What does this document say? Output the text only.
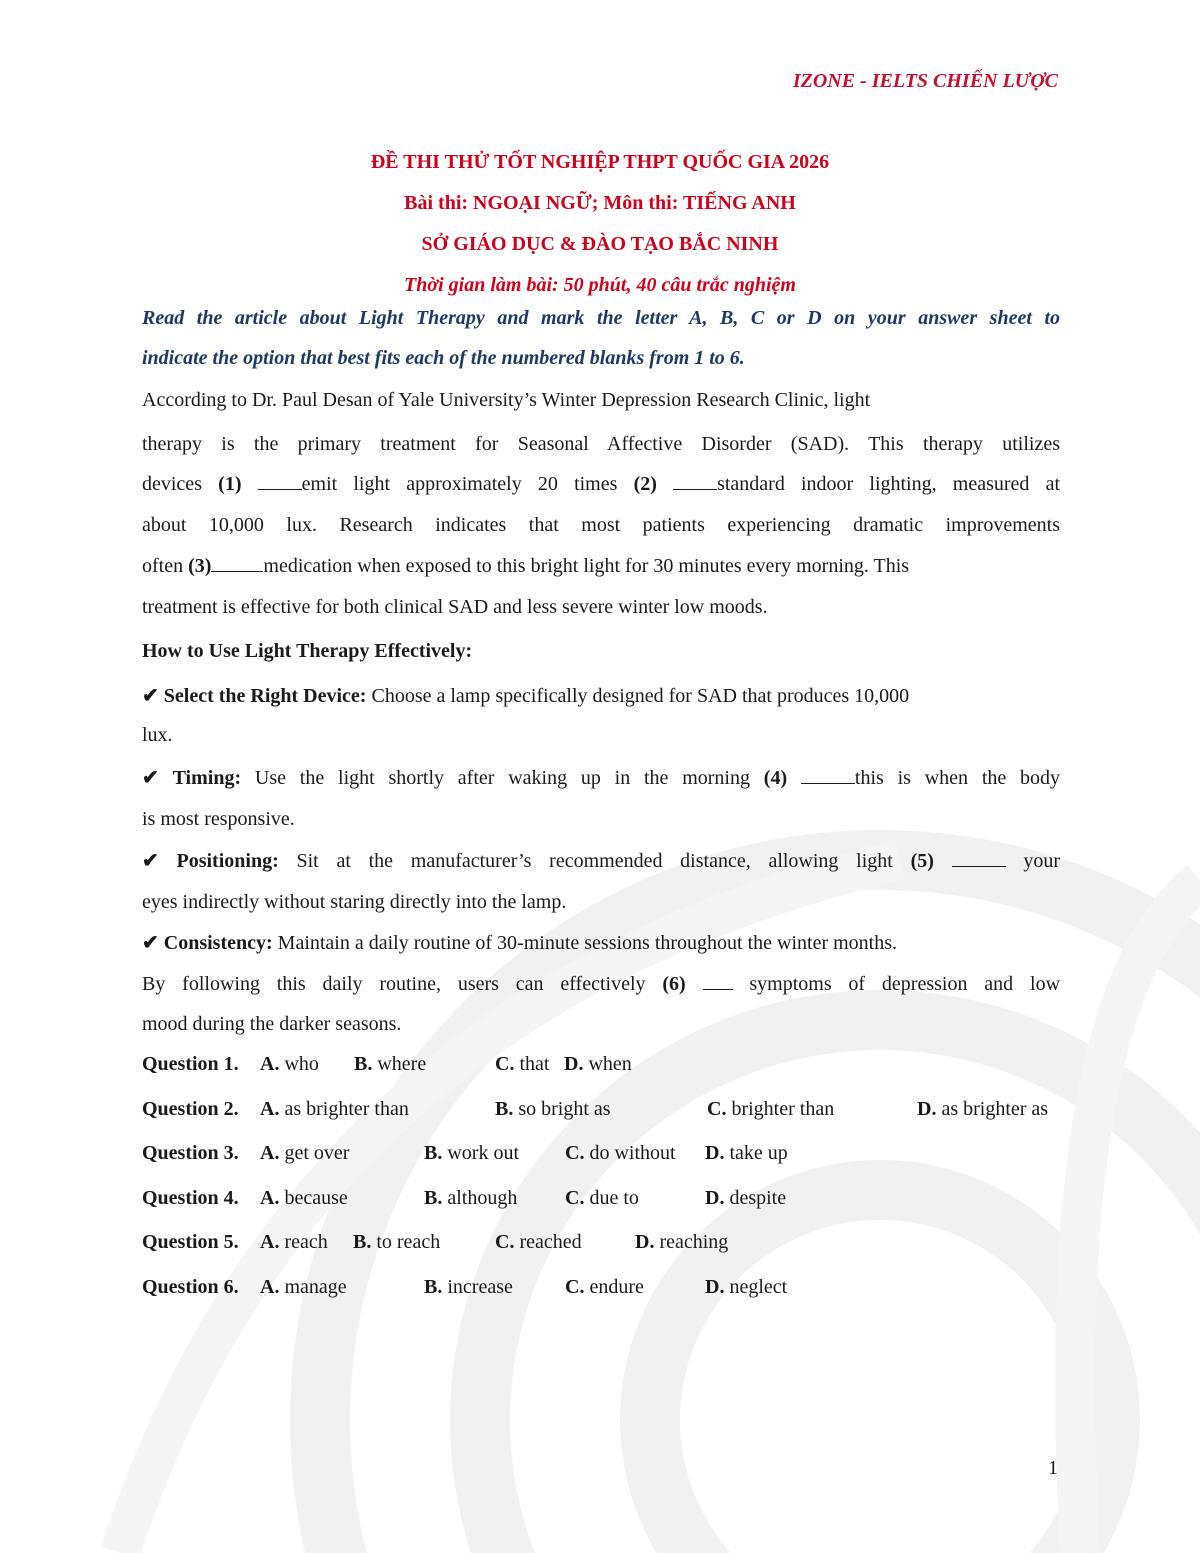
IZONE - IELTS CHIẾN LƯỢC
ĐỀ THI THỬ TỐT NGHIỆP THPT QUỐC GIA 2026
Bài thi: NGOẠI NGỮ; Môn thi: TIẾNG ANH
SỞ GIÁO DỤC & ĐÀO TẠO BẮC NINH
Thời gian làm bài: 50 phút, 40 câu trắc nghiệm
Read the article about Light Therapy and mark the letter A, B, C or D on your answer sheet to
indicate the option that best fits each of the numbered blanks from 1 to 6.
According to Dr. Paul Desan of Yale University’s Winter Depression Research Clinic, light
therapy is the primary treatment for Seasonal Affective Disorder (SAD). This therapy utilizes
devices (1)	emit light approximately 20 times (2)	standard indoor lighting, measured at
about 10,000 lux. Research indicates that most patients experiencing dramatic improvements
often (3)	medication when exposed to this bright light for 30 minutes every morning. This
treatment is effective for both clinical SAD and less severe winter low moods.
How to Use Light Therapy Effectively:
✔ Select the Right Device: Choose a lamp specifically designed for SAD that produces 10,000
lux.
✔ Timing: Use the light shortly after waking up in the morning (4)	this is when the body
is most responsive.
✔ Positioning: Sit at the manufacturer’s recommended distance, allowing light (5)	your
eyes indirectly without staring directly into the lamp.
✔ Consistency: Maintain a daily routine of 30-minute sessions throughout the winter months.
By following this daily routine, users can effectively (6)	symptoms of depression and low
mood during the darker seasons.
Question 1. A. who B. where	C. that D. when
Question 2. A. as brighter than	B. so bright as	C. brighter than	D. as brighter as
Question 3. A. get over	B. work out C. do without D. take up
Question 4. A. because	B. although C. due to	D. despite
Question 5. A. reach B. to reach	C. reached	D. reaching
Question 6. A. manage	B. increase	C. endure	D. neglect
1
